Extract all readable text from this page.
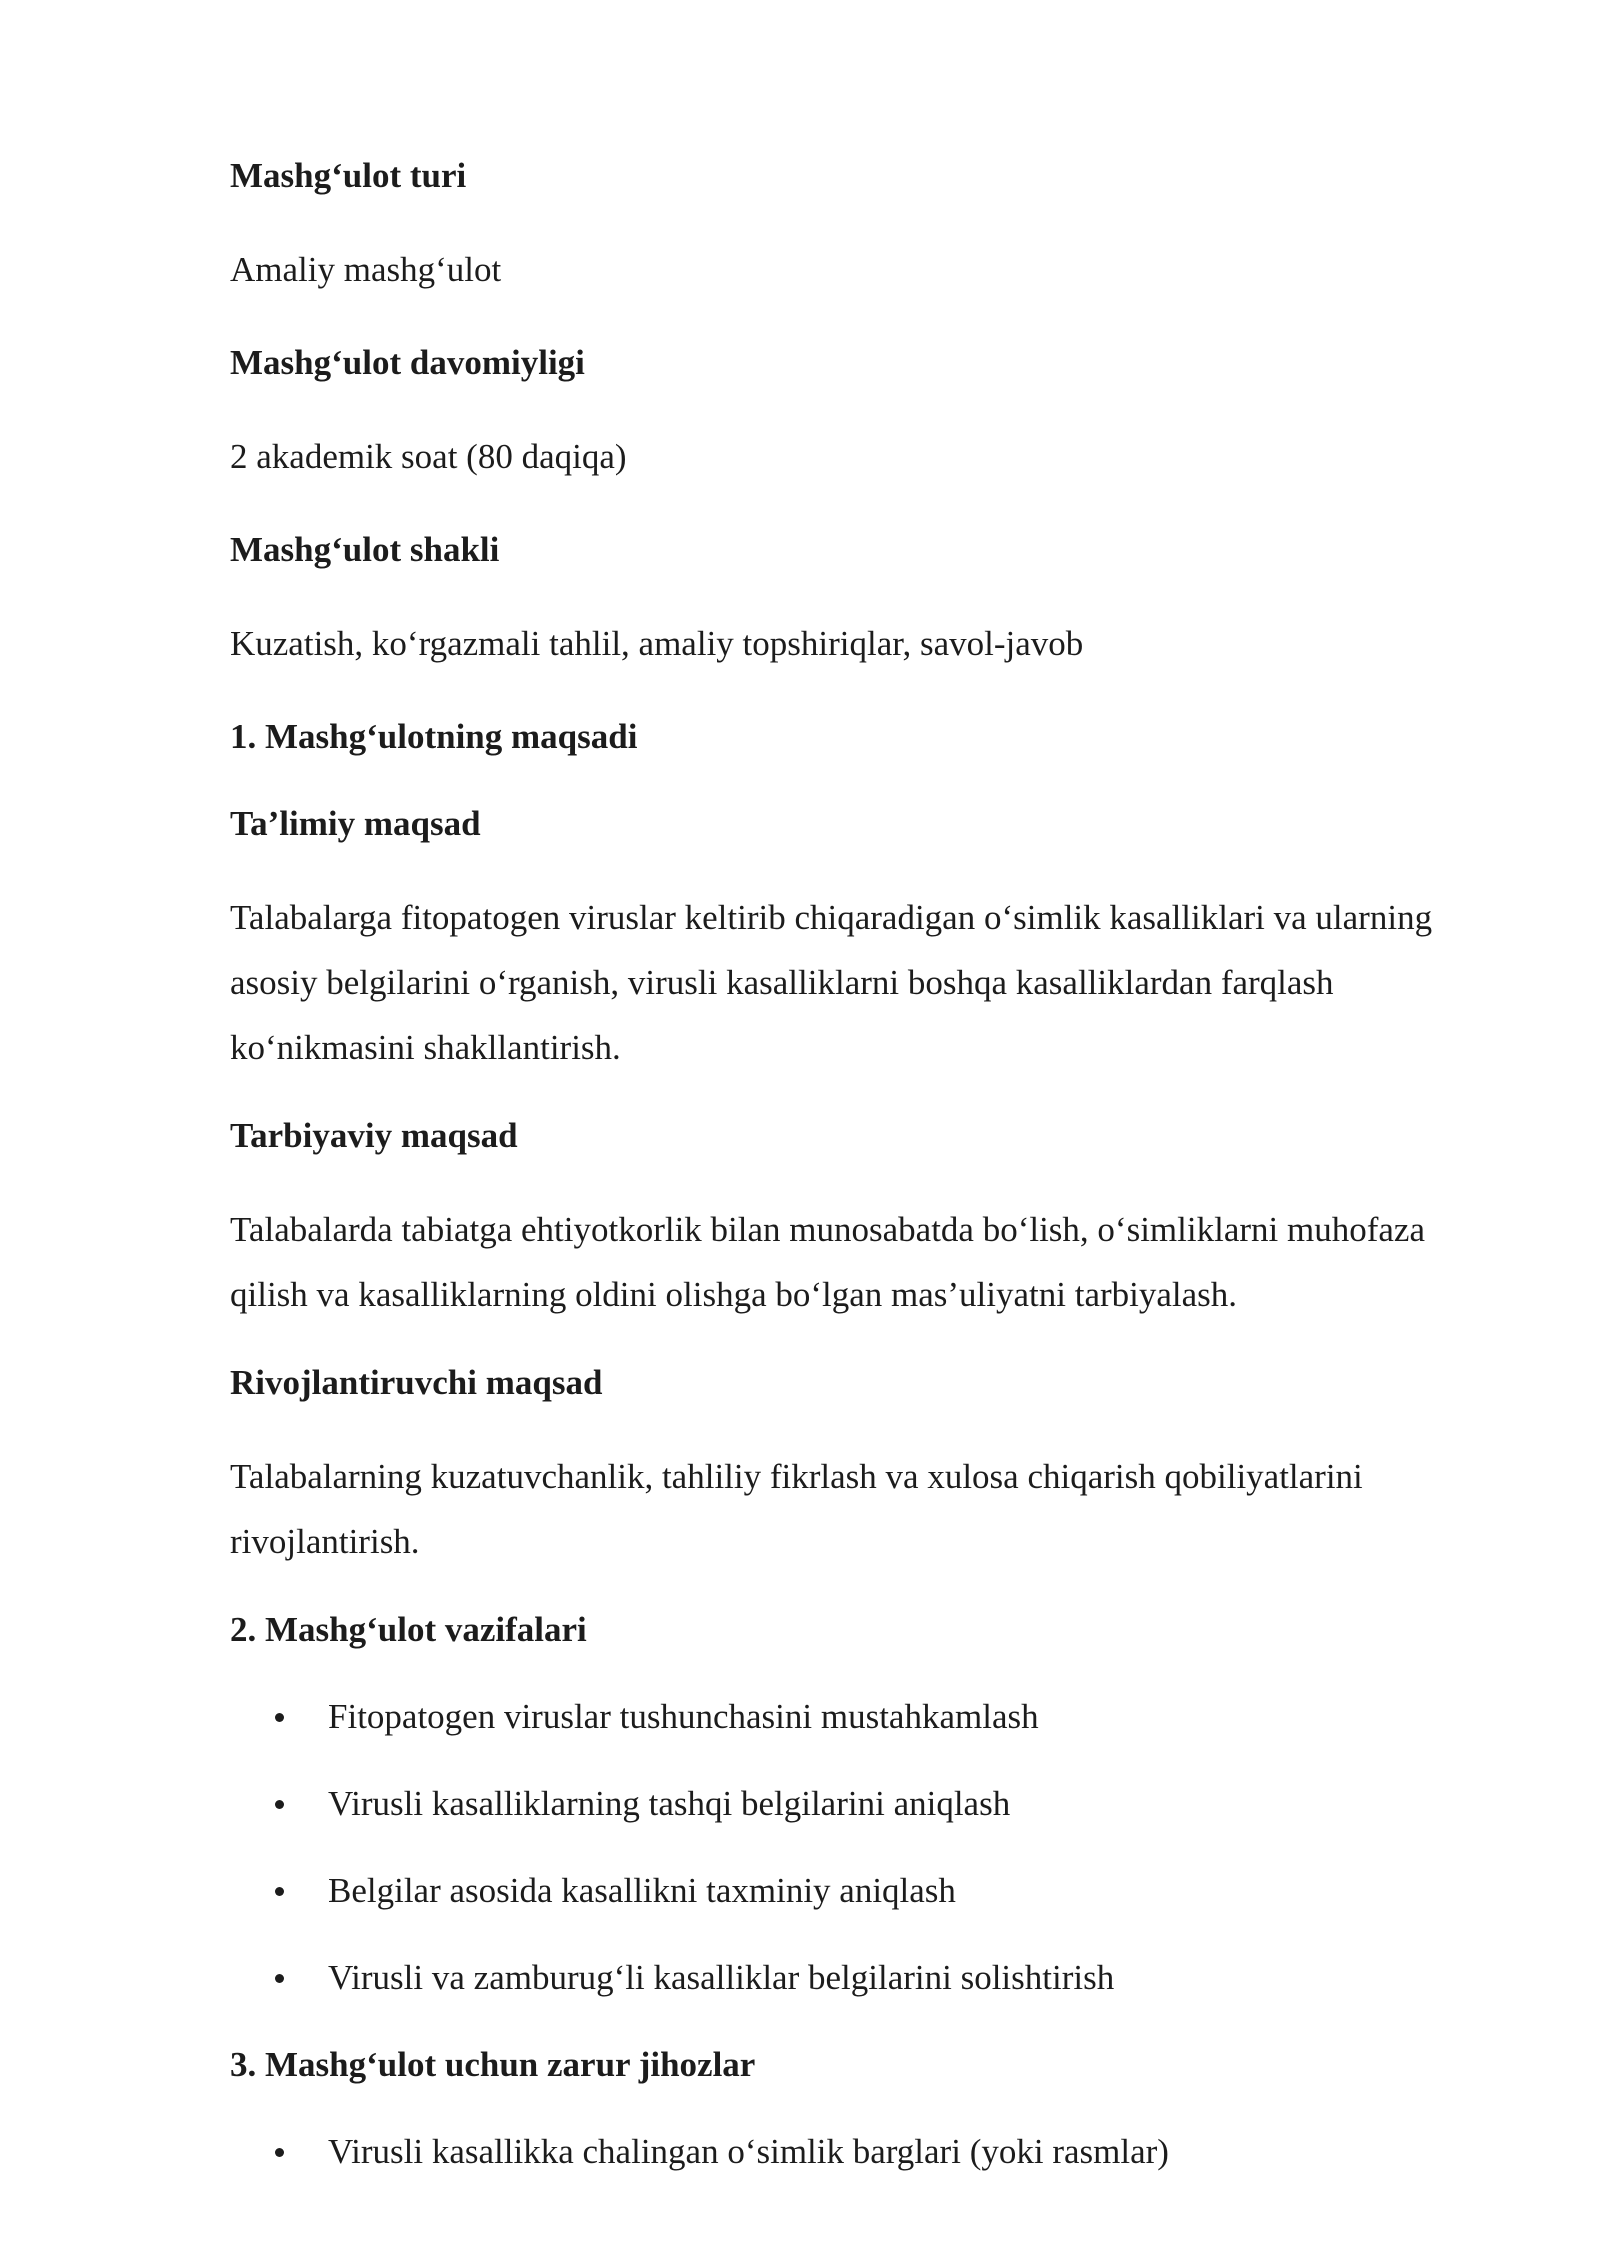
Mashg‘ulot turi
Amaliy mashg‘ulot
Mashg‘ulot davomiyligi
2 akademik soat (80 daqiqa)
Mashg‘ulot shakli
Kuzatish, ko‘rgazmali tahlil, amaliy topshiriqlar, savol-javob
1. Mashg‘ulotning maqsadi
Ta’limiy maqsad
Talabalarga fitopatogen viruslar keltirib chiqaradigan o‘simlik kasalliklari va ularning asosiy belgilarini o‘rganish, virusli kasalliklarni boshqa kasalliklardan farqlash ko‘nikmasini shakllantirish.
Tarbiyaviy maqsad
Talabalarda tabiatga ehtiyotkorlik bilan munosabatda bo‘lish, o‘simliklarni muhofaza qilish va kasalliklarning oldini olishga bo‘lgan mas’uliyatni tarbiyalash.
Rivojlantiruvchi maqsad
Talabalarning kuzatuvchanlik, tahliliy fikrlash va xulosa chiqarish qobiliyatlarini rivojlantirish.
2. Mashg‘ulot vazifalari
Fitopatogen viruslar tushunchasini mustahkamlash
Virusli kasalliklarning tashqi belgilarini aniqlash
Belgilar asosida kasallikni taxminiy aniqlash
Virusli va zamburug‘li kasalliklar belgilarini solishtirish
3. Mashg‘ulot uchun zarur jihozlar
Virusli kasallikka chalingan o‘simlik barglari (yoki rasmlar)
